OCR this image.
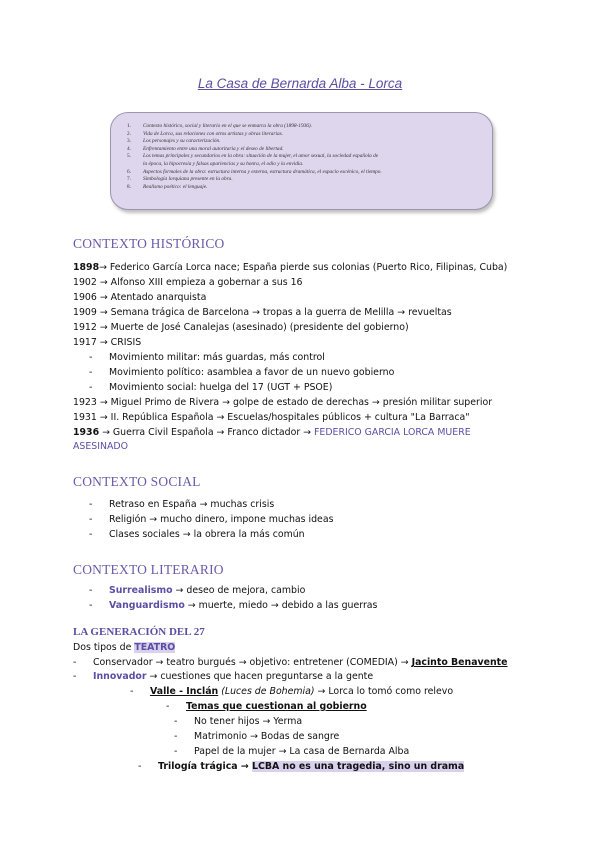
La Casa de Bernarda Alba - Lorca
1. Contexto histórico, social y literario en el que se enmarca la obra (1898-1936).
2. Vida de Lorca, sus relaciones con otros artistas y obras literarias.
3. Los personajes y su caracterización.
4. Enfrentamiento entre una moral autoritaria y el deseo de libertad.
5. Los temas principales y secundarios en la obra: situación de la mujer, el amor sexual, la sociedad española de
la época, la hipocresía y falsas apariencias y su honra, el odio y la envidia.
6. Aspectos formales de la obra: estructura interna y externa, estructura dramática, el espacio escénico, el tiempo.
7. Simbología lorquiana presente en la obra.
8. Realismo poético: el lenguaje.
CONTEXTO HISTÓRICO
1898→ Federico García Lorca nace; España pierde sus colonias (Puerto Rico, Filipinas, Cuba)
1902 → Alfonso XIII empieza a gobernar a sus 16
1906 → Atentado anarquista
1909 → Semana trágica de Barcelona → tropas a la guerra de Melilla → revueltas
1912 → Muerte de José Canalejas (asesinado) (presidente del gobierno)
1917 → CRISIS
- Movimiento militar: más guardas, más control
- Movimiento político: asamblea a favor de un nuevo gobierno
- Movimiento social: huelga del 17 (UGT + PSOE)
1923 → Miguel Primo de Rivera → golpe de estado de derechas → presión militar superior
1931 → II. República Española → Escuelas/hospitales públicos + cultura "La Barraca"
1936 → Guerra Civil Española → Franco dictador → FEDERICO GARCIA LORCA MUERE
ASESINADO
CONTEXTO SOCIAL
- Retraso en España → muchas crisis
- Religión → mucho dinero, impone muchas ideas
- Clases sociales → la obrera la más común
CONTEXTO LITERARIO
- Surrealismo → deseo de mejora, cambio
- Vanguardismo → muerte, miedo → debido a las guerras
LA GENERACIÓN DEL 27
Dos tipos de TEATRO
- Conservador → teatro burgués → objetivo: entretener (COMEDIA) → Jacinto Benavente
- Innovador → cuestiones que hacen preguntarse a la gente
- Valle - Inclán (Luces de Bohemia) → Lorca lo tomó como relevo
- Temas que cuestionan al gobierno
- No tener hijos → Yerma
- Matrimonio → Bodas de sangre
- Papel de la mujer → La casa de Bernarda Alba
- Trilogía trágica → LCBA no es una tragedia, sino un drama
